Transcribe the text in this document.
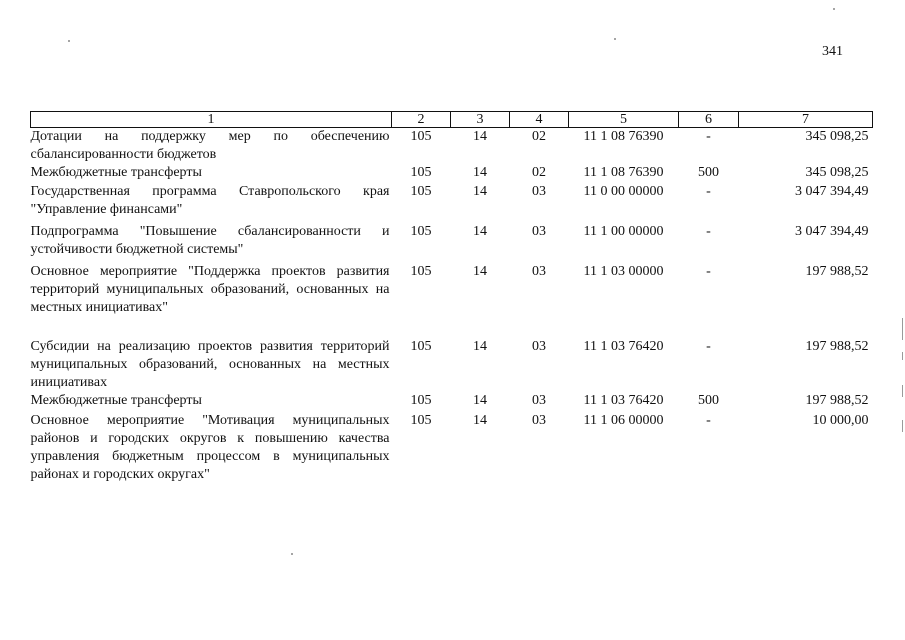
341
1	2	3	4	5	6	7
Дотации на поддержку мер по обеспечению сбалансированности бюджетов	105	14	02	11 1 08 76390	-	345 098,25
Межбюджетные трансферты	105	14	02	11 1 08 76390	500	345 098,25
Государственная программа Ставропольского края "Управление финансами"	105	14	03	11 0 00 00000	-	3 047 394,49
Подпрограмма "Повышение сбалансированности и устойчивости бюджетной системы"	105	14	03	11 1 00 00000	-	3 047 394,49
Основное мероприятие "Поддержка проектов развития территорий муниципальных образований, основанных на местных инициативах"	105	14	03	11 1 03 00000	-	197 988,52
Субсидии на реализацию проектов развития территорий муниципальных образований, основанных на местных инициативах	105	14	03	11 1 03 76420	-	197 988,52
Межбюджетные трансферты	105	14	03	11 1 03 76420	500	197 988,52
Основное мероприятие "Мотивация муниципальных районов и городских округов к повышению качества управления бюджетным процессом в муниципальных районах и городских округах"	105	14	03	11 1 06 00000	-	10 000,00
